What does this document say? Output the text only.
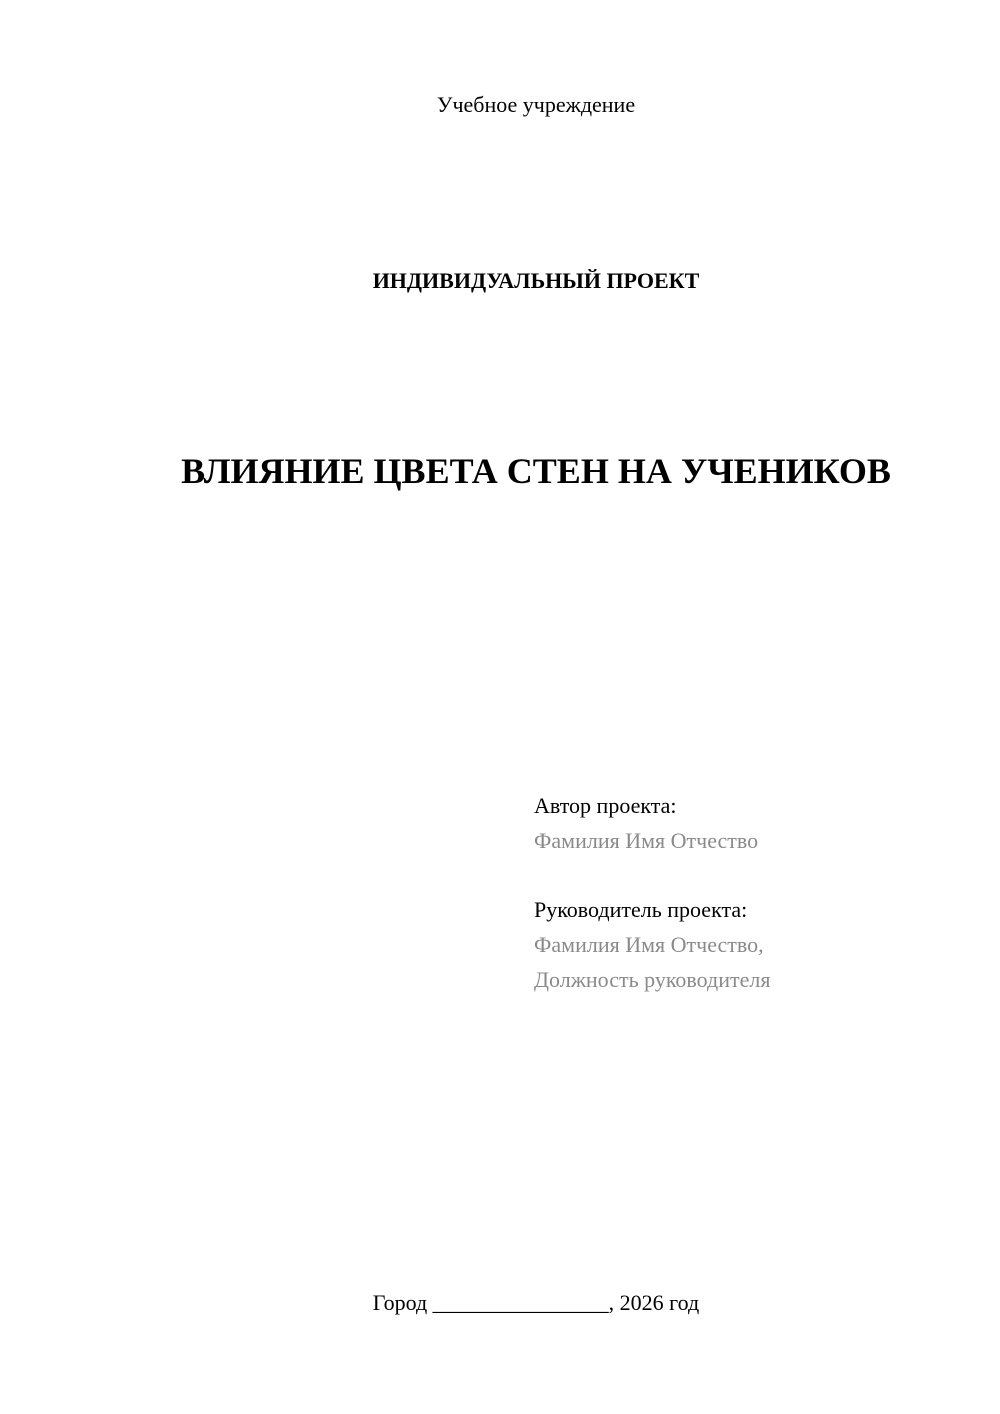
Учебное учреждение
ИНДИВИДУАЛЬНЫЙ ПРОЕКТ
ВЛИЯНИЕ ЦВЕТА СТЕН НА УЧЕНИКОВ
Автор проекта:
Фамилия Имя Отчество
Руководитель проекта:
Фамилия Имя Отчество,
Должность руководителя
Город ________________, 2026 год
